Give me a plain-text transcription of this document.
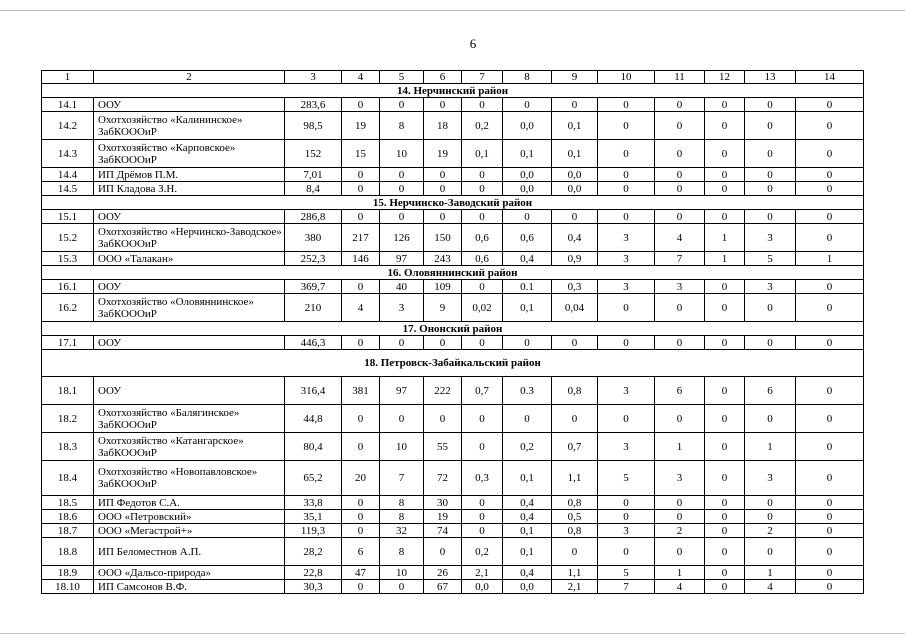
6
1	2	3	4	5	6	7	8	9	10	11	12	13	14
14. Нерчинский район													
14.1	ООУ	283,6	0	0	0	0	0	0	0	0	0	0	0
14.2	Охотхозяйство «Калининское» ЗабКОООиР	98,5	19	8	18	0,2	0,0	0,1	0	0	0	0	0
14.3	Охотхозяйство «Карповское» ЗабКОООиР	152	15	10	19	0,1	0,1	0,1	0	0	0	0	0
14.4	ИП Дрёмов П.М.	7,01	0	0	0	0	0,0	0,0	0	0	0	0	0
14.5	ИП Кладова З.Н.	8,4	0	0	0	0	0,0	0,0	0	0	0	0	0
15. Нерчинско-Заводский район													
15.1	ООУ	286,8	0	0	0	0	0	0	0	0	0	0	0
15.2	Охотхозяйство «Нерчинско-Заводское» ЗабКОООиР	380	217	126	150	0,6	0,6	0,4	3	4	1	3	0
15.3	ООО «Талакан»	252,3	146	97	243	0,6	0,4	0,9	3	7	1	5	1
16. Оловяннинский район													
16.1	ООУ	369,7	0	40	109	0	0.1	0,3	3	3	0	3	0
16.2	Охотхозяйство «Оловяннинское» ЗабКОООиР	210	4	3	9	0,02	0,1	0,04	0	0	0	0	0
17. Ононский район													
17.1	ООУ	446,3	0	0	0	0	0	0	0	0	0	0	0
18. Петровск-Забайкальский район													
18.1	ООУ	316,4	381	97	222	0,7	0.3	0,8	3	6	0	6	0
18.2	Охотхозяйство «Балягинское» ЗабКОООиР	44,8	0	0	0	0	0	0	0	0	0	0	0
18.3	Охотхозяйство «Катангарское» ЗабКОООиР	80,4	0	10	55	0	0,2	0,7	3	1	0	1	0
18.4	Охотхозяйство «Новопавловское» ЗабКОООиР	65,2	20	7	72	0,3	0,1	1,1	5	3	0	3	0
18.5	ИП Федотов С.А.	33,8	0	8	30	0	0,4	0,8	0	0	0	0	0
18.6	ООО «Петровский»	35,1	0	8	19	0	0,4	0,5	0	0	0	0	0
18.7	ООО «Мегастрой+»	119,3	0	32	74	0	0,1	0,8	3	2	0	2	0
18.8	ИП Беломестнов А.П.	28,2	6	8	0	0,2	0,1	0	0	0	0	0	0
18.9	ООО «Дальсо-природа»	22,8	47	10	26	2,1	0,4	1,1	5	1	0	1	0
18.10	ИП Самсонов В.Ф.	30,3	0	0	67	0,0	0,0	2,1	7	4	0	4	0
